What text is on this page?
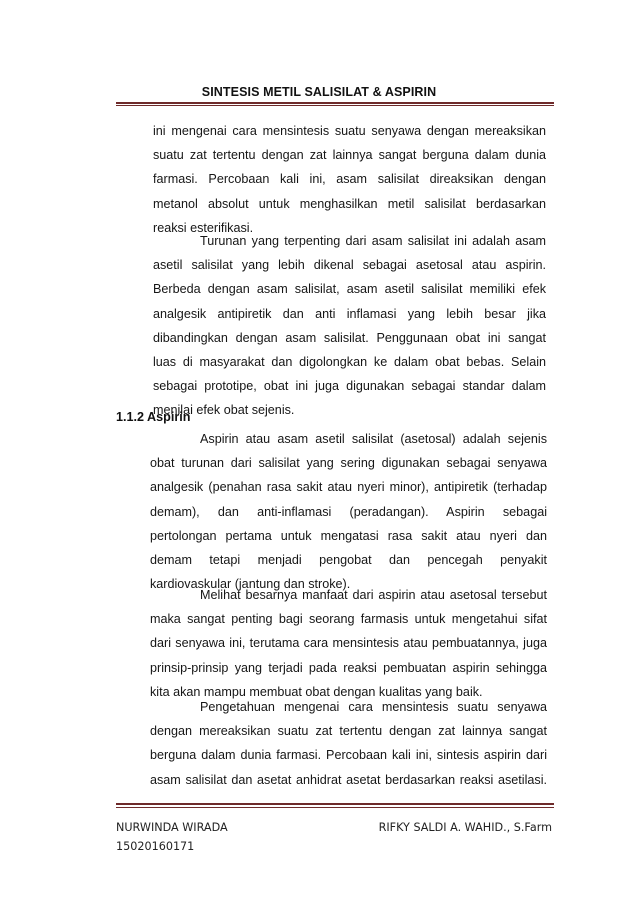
SINTESIS METIL SALISILAT & ASPIRIN
ini mengenai cara mensintesis suatu senyawa dengan mereaksikan
suatu zat tertentu dengan zat lainnya sangat berguna dalam dunia
farmasi. Percobaan kali ini, asam salisilat direaksikan dengan
metanol absolut untuk menghasilkan metil salisilat berdasarkan
reaksi esterifikasi.
Turunan yang terpenting dari asam salisilat ini adalah asam
asetil salisilat yang lebih dikenal sebagai asetosal atau aspirin.
Berbeda dengan asam salisilat, asam asetil salisilat memiliki efek
analgesik antipiretik dan anti inflamasi yang lebih besar jika
dibandingkan dengan asam salisilat. Penggunaan obat ini sangat
luas di masyarakat dan digolongkan ke dalam obat bebas. Selain
sebagai prototipe, obat ini juga digunakan sebagai standar dalam
menilai efek obat sejenis.
1.1.2 Aspirin
Aspirin atau asam asetil salisilat (asetosal) adalah sejenis
obat turunan dari salisilat yang sering digunakan sebagai senyawa
analgesik (penahan rasa sakit atau nyeri minor), antipiretik (terhadap
demam), dan anti-inflamasi (peradangan). Aspirin sebagai
pertolongan pertama untuk mengatasi rasa sakit atau nyeri dan
demam tetapi menjadi pengobat dan pencegah penyakit
kardiovaskular (jantung dan stroke).
Melihat besarnya manfaat dari aspirin atau asetosal tersebut
maka sangat penting bagi seorang farmasis untuk mengetahui sifat
dari senyawa ini, terutama cara mensintesis atau pembuatannya, juga
prinsip-prinsip yang terjadi pada reaksi pembuatan aspirin sehingga
kita akan mampu membuat obat dengan kualitas yang baik.
Pengetahuan mengenai cara mensintesis suatu senyawa
dengan mereaksikan suatu zat tertentu dengan zat lainnya sangat
berguna dalam dunia farmasi. Percobaan kali ini, sintesis aspirin dari
asam salisilat dan asetat anhidrat asetat berdasarkan reaksi asetilasi.
NURWINDA WIRADA
15020160171
RIFKY SALDI A. WAHID., S.Farm
